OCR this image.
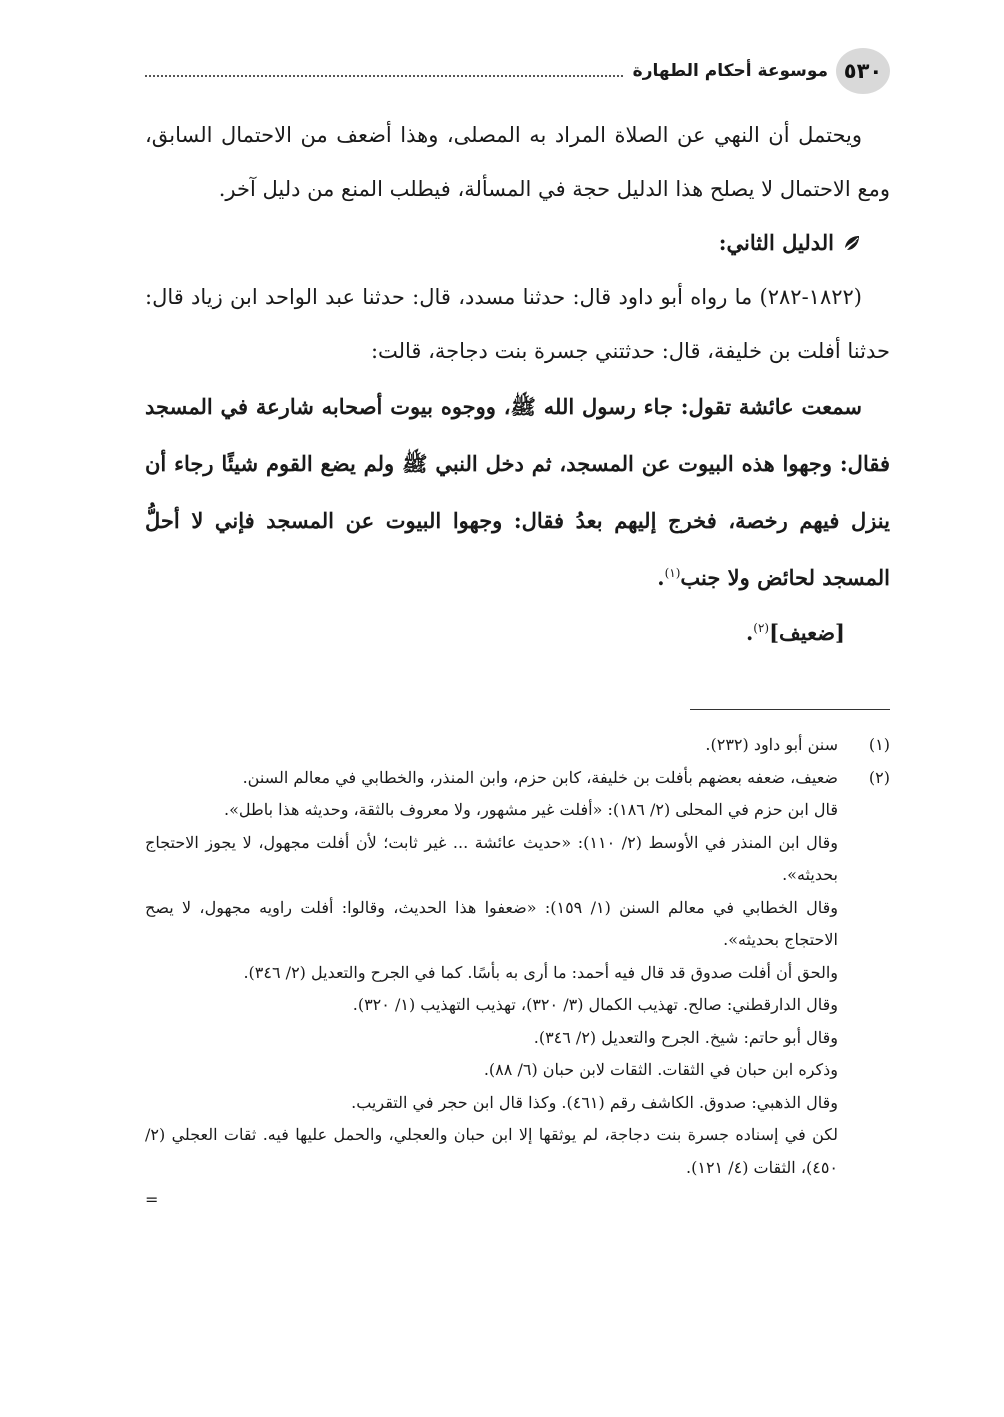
٥٣٠
موسوعة أحكام الطهارة

ويحتمل أن النهي عن الصلاة المراد به المصلى، وهذا أضعف من الاحتمال السابق، ومع الاحتمال لا يصلح هذا الدليل حجة في المسألة، فيطلب المنع من دليل آخر.

الدليل الثاني:

(١٨٢٢-٢٨٢) ما رواه أبو داود قال: حدثنا مسدد، قال: حدثنا عبد الواحد ابن زياد قال: حدثنا أفلت بن خليفة، قال: حدثتني جسرة بنت دجاجة، قالت:

سمعت عائشة تقول: جاء رسول الله ﷺ، ووجوه بيوت أصحابه شارعة في المسجد فقال: وجهوا هذه البيوت عن المسجد، ثم دخل النبي ﷺ ولم يضع القوم شيئًا رجاء أن ينزل فيهم رخصة، فخرج إليهم بعدُ فقال: وجهوا البيوت عن المسجد فإني لا أحلُّ المسجد لحائض ولا جنب$^{(١)}$.

[ضعيف]$^{(٢)}$.

(١)

سنن أبو داود (٢٣٢).

(٢)

ضعيف، ضعفه بعضهم بأفلت بن خليفة، كابن حزم، وابن المنذر، والخطابي في معالم السنن.

قال ابن حزم في المحلى (٢/ ١٨٦): «أفلت غير مشهور، ولا معروف بالثقة، وحديثه هذا باطل».

وقال ابن المنذر في الأوسط (٢/ ١١٠): «حديث عائشة ... غير ثابت؛ لأن أفلت مجهول، لا يجوز الاحتجاج بحديثه».

وقال الخطابي في معالم السنن (١/ ١٥٩): «ضعفوا هذا الحديث، وقالوا: أفلت راويه مجهول، لا يصح الاحتجاج بحديثه».

والحق أن أفلت صدوق قد قال فيه أحمد: ما أرى به بأسًا. كما في الجرح والتعديل (٢/ ٣٤٦).

وقال الدارقطني: صالح. تهذيب الكمال (٣/ ٣٢٠)، تهذيب التهذيب (١/ ٣٢٠).

وقال أبو حاتم: شيخ. الجرح والتعديل (٢/ ٣٤٦).

وذكره ابن حبان في الثقات. الثقات لابن حبان (٦/ ٨٨).

وقال الذهبي: صدوق. الكاشف رقم (٤٦١). وكذا قال ابن حجر في التقريب.

لكن في إسناده جسرة بنت دجاجة، لم يوثقها إلا ابن حبان والعجلي، والحمل عليها فيه. ثقات العجلي (٢/ ٤٥٠)، الثقات (٤/ ١٢١).
=
